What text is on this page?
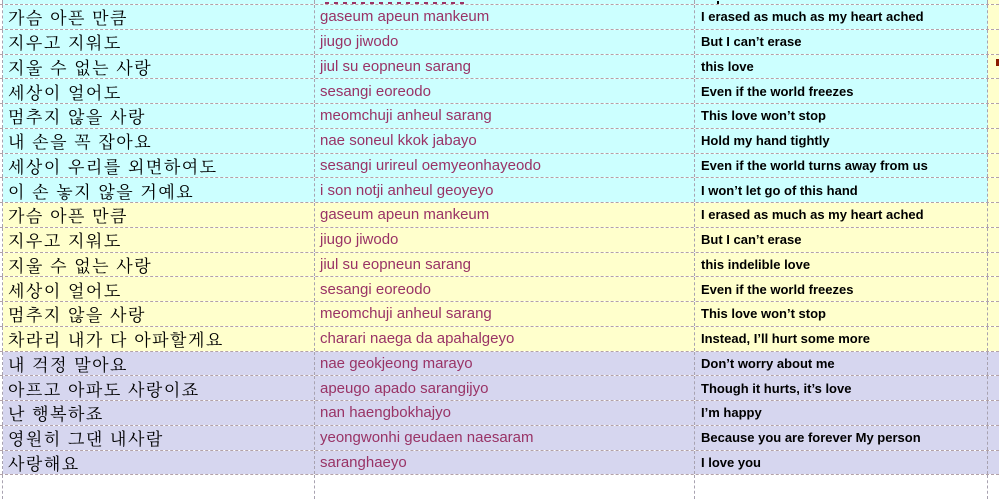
가슴 아픈 만큼	gaseum apeun mankeum	I erased as much as my heart ached
지우고 지워도	jiugo jiwodo	But I can’t erase
지울 수 없는 사랑	jiul su eopneun sarang	this love
세상이 얼어도	sesangi eoreodo	Even if the world freezes
멈추지 않을 사랑	meomchuji anheul sarang	This love won’t stop
내 손을 꼭 잡아요	nae soneul kkok jabayo	Hold my hand tightly
세상이 우리를 외면하여도	sesangi urireul oemyeonhayeodo	Even if the world turns away from us
이 손 놓지 않을 거예요	i son notji anheul geoyeyo	I won’t let go of this hand
가슴 아픈 만큼	gaseum apeun mankeum	I erased as much as my heart ached
지우고 지워도	jiugo jiwodo	But I can’t erase
지울 수 없는 사랑	jiul su eopneun sarang	this indelible love
세상이 얼어도	sesangi eoreodo	Even if the world freezes
멈추지 않을 사랑	meomchuji anheul sarang	This love won’t stop
차라리 내가 다 아파할게요	charari naega da apahalgeyo	Instead, I’ll hurt some more
내 걱정 말아요	nae geokjeong marayo	Don’t worry about me
아프고 아파도 사랑이죠	apeugo apado sarangijyo	Though it hurts, it’s love
난 행복하죠	nan haengbokhajyo	I’m happy
영원히 그댄 내사람	yeongwonhi geudaen naesaram	Because you are forever My person
사랑해요	saranghaeyo	I love you
